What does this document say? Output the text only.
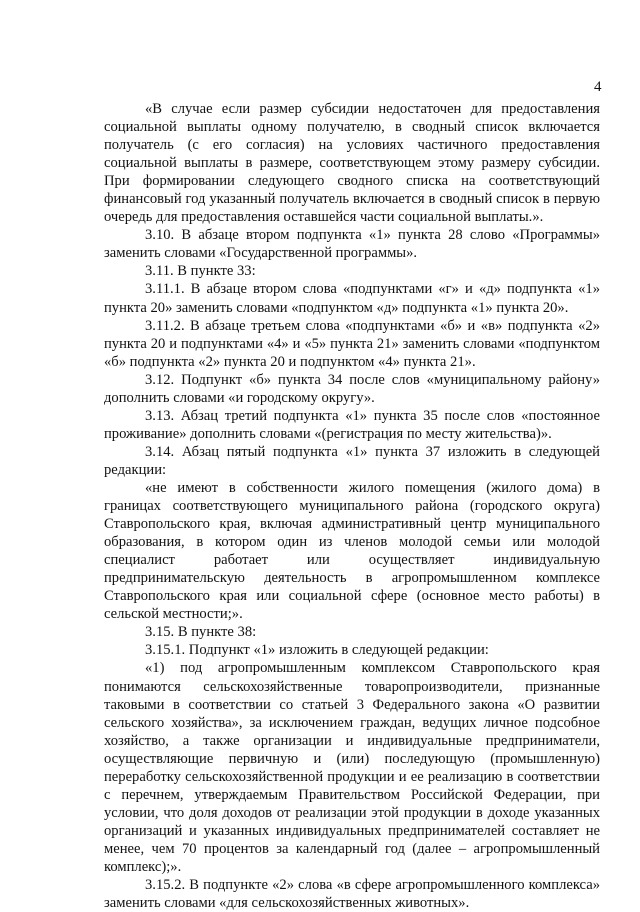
4

«В случае если размер субсидии недостаточен для предоставления социальной выплаты одному получателю, в сводный список включается получатель (с его согласия) на условиях частичного предоставления социальной выплаты в размере, соответствующем этому размеру субсидии. При формировании следующего сводного списка на соответствующий финансовый год указанный получатель включается в сводный список в первую очередь для предоставления оставшейся части социальной выплаты.».

3.10. В абзаце втором подпункта «1» пункта 28 слово «Программы» заменить словами «Государственной программы».

3.11. В пункте 33:

3.11.1. В абзаце втором слова «подпунктами «г» и «д» подпункта «1» пункта 20» заменить словами «подпунктом «д» подпункта «1» пункта 20».

3.11.2. В абзаце третьем слова «подпунктами «б» и «в» подпункта «2» пункта 20 и подпунктами «4» и «5» пункта 21» заменить словами «подпунктом «б» подпункта «2» пункта 20 и подпунктом «4» пункта 21».

3.12. Подпункт «б» пункта 34 после слов «муниципальному району» дополнить словами «и городскому округу».

3.13. Абзац третий подпункта «1» пункта 35 после слов «постоянное проживание» дополнить словами «(регистрация по месту жительства)».

3.14. Абзац пятый подпункта «1» пункта 37 изложить в следующей редакции:

«не имеют в собственности жилого помещения (жилого дома) в границах соответствующего муниципального района (городского округа) Ставропольского края, включая административный центр муниципального образования, в котором один из членов молодой семьи или молодой специалист работает или осуществляет индивидуальную предпринимательскую деятельность в агропромышленном комплексе Ставропольского края или социальной сфере (основное место работы) в сельской местности;».

3.15. В пункте 38:

3.15.1. Подпункт «1» изложить в следующей редакции:

«1) под агропромышленным комплексом Ставропольского края понимаются сельскохозяйственные товаропроизводители, признанные таковыми в соответствии со статьей 3 Федерального закона «О развитии сельского хозяйства», за исключением граждан, ведущих личное подсобное хозяйство, а также организации и индивидуальные предприниматели, осуществляющие первичную и (или) последующую (промышленную) переработку сельскохозяйственной продукции и ее реализацию в соответствии с перечнем, утверждаемым Правительством Российской Федерации, при условии, что доля доходов от реализации этой продукции в доходе указанных организаций и указанных индивидуальных предпринимателей составляет не менее, чем 70 процентов за календарный год (далее – агропромышленный комплекс);».

3.15.2. В подпункте «2» слова «в сфере агропромышленного комплекса» заменить словами «для сельскохозяйственных животных».
